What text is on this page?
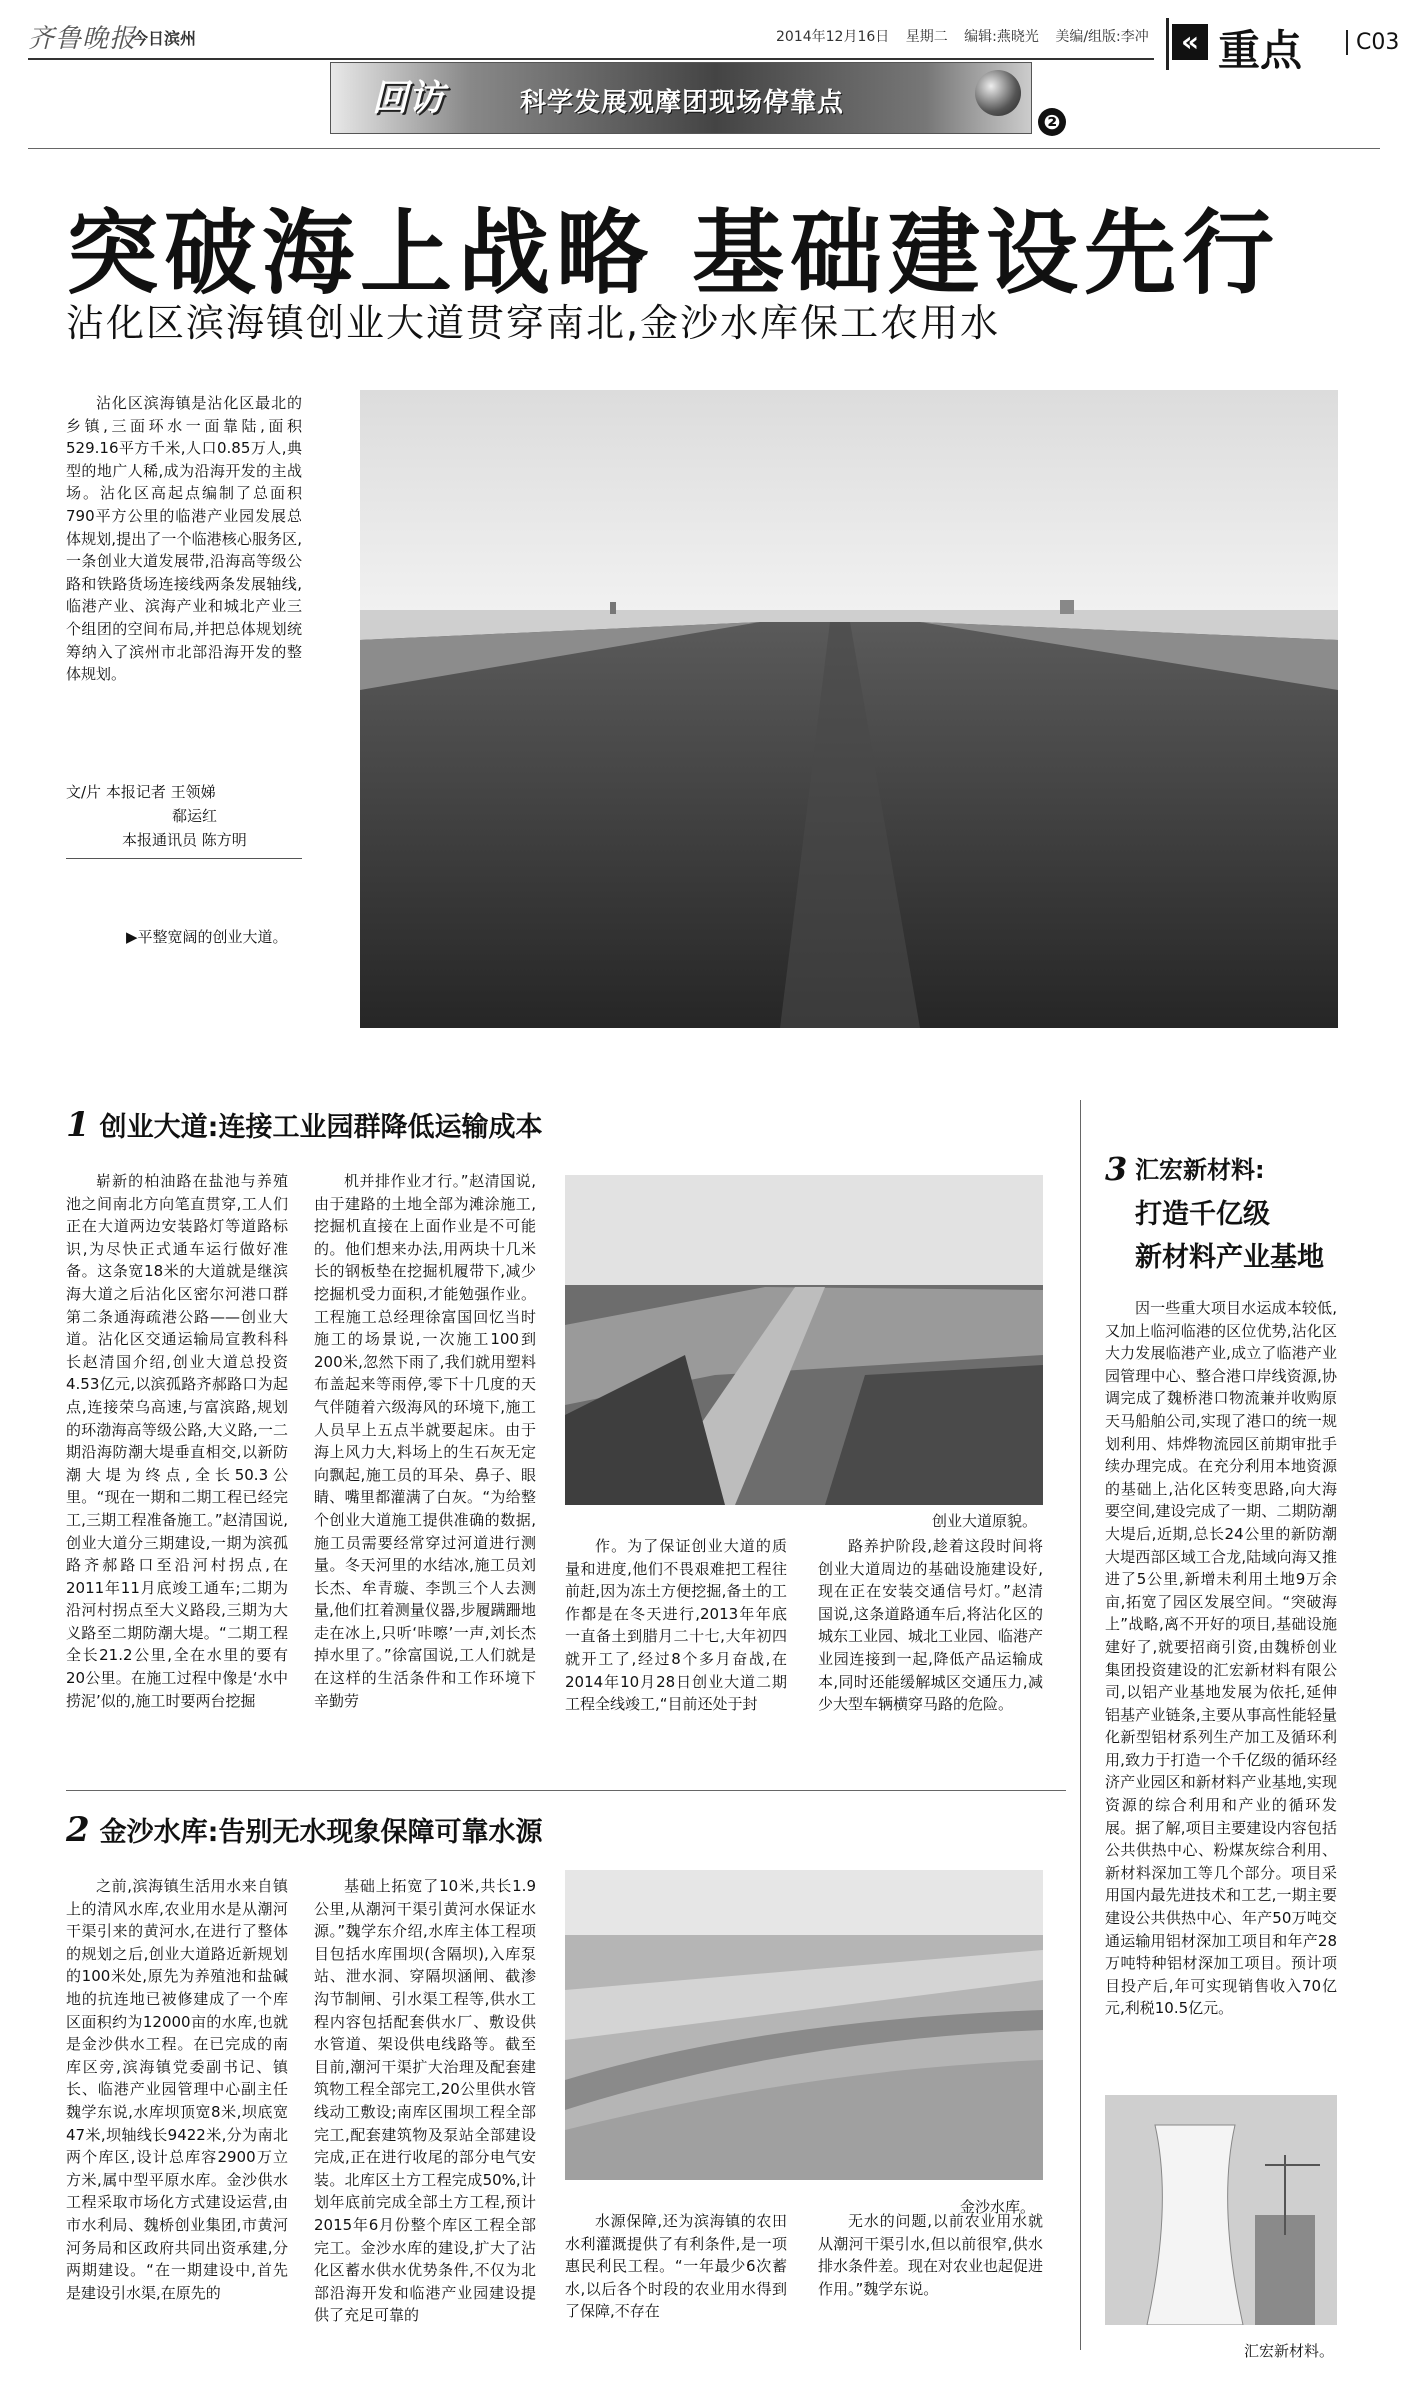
齐鲁晚报
今日滨州	2014年12月16日 星期二 编辑:燕晓光 美编/组版:李冲	« 重点	C03
回访	科学发展观摩团现场停靠点
❷
突破海上战略 基础建设先行
沾化区滨海镇创业大道贯穿南北,金沙水库保工农用水

沾化区滨海镇是沾化区最北的乡镇,三面环水一面靠陆,面积529.16平方千米,人口0.85万人,典型的地广人稀,成为沿海开发的主战场。沾化区高起点编制了总面积790平方公里的临港产业园发展总体规划,提出了一个临港核心服务区,一条创业大道发展带,沿海高等级公路和铁路货场连接线两条发展轴线,临港产业、滨海产业和城北产业三个组团的空间布局,并把总体规划统筹纳入了滨州市北部沿海开发的整体规划。

文/片 本报记者 王领娣
郗运红
本报通讯员 陈方明
▶平整宽阔的创业大道。
1 创业大道:连接工业园群降低运输成本

崭新的柏油路在盐池与养殖池之间南北方向笔直贯穿,工人们正在大道两边安装路灯等道路标识,为尽快正式通车运行做好准备。这条宽18米的大道就是继滨海大道之后沾化区密尔河港口群第二条通海疏港公路——创业大道。沾化区交通运输局宣教科科长赵清国介绍,创业大道总投资4.53亿元,以滨孤路齐郝路口为起点,连接荣乌高速,与富滨路,规划的环渤海高等级公路,大义路,一二期沿海防潮大堤垂直相交,以新防潮大堤为终点,全长50.3公里。“现在一期和二期工程已经完工,三期工程准备施工。”赵清国说,创业大道分三期建设,一期为滨孤路齐郝路口至沿河村拐点,在2011年11月底竣工通车;二期为沿河村拐点至大义路段,三期为大义路至二期防潮大堤。“二期工程全长21.2公里,全在水里的要有20公里。在施工过程中像是‘水中捞泥’似的,施工时要两台挖掘

机并排作业才行。”赵清国说,由于建路的土地全部为滩涂施工,挖掘机直接在上面作业是不可能的。他们想来办法,用两块十几米长的钢板垫在挖掘机履带下,减少挖掘机受力面积,才能勉强作业。工程施工总经理徐富国回忆当时施工的场景说,一次施工100到200米,忽然下雨了,我们就用塑料布盖起来等雨停,零下十几度的天气伴随着六级海风的环境下,施工人员早上五点半就要起床。由于海上风力大,料场上的生石灰无定向飘起,施工员的耳朵、鼻子、眼睛、嘴里都灌满了白灰。“为给整个创业大道施工提供准确的数据,施工员需要经常穿过河道进行测量。冬天河里的水结冰,施工员刘长杰、牟青璇、李凯三个人去测量,他们扛着测量仪器,步履蹒跚地走在冰上,只听‘咔嚓’一声,刘长杰掉水里了。”徐富国说,工人们就是在这样的生活条件和工作环境下辛勤劳

创业大道原貌。

作。为了保证创业大道的质量和进度,他们不畏艰难把工程往前赶,因为冻土方便挖掘,备土的工作都是在冬天进行,2013年年底一直备土到腊月二十七,大年初四就开工了,经过8个多月奋战,在2014年10月28日创业大道二期工程全线竣工,“目前还处于封

路养护阶段,趁着这段时间将创业大道周边的基础设施建设好,现在正在安装交通信号灯。”赵清国说,这条道路通车后,将沾化区的城东工业园、城北工业园、临港产业园连接到一起,降低产品运输成本,同时还能缓解城区交通压力,减少大型车辆横穿马路的危险。

3 汇宏新材料:
打造千亿级
新材料产业基地

因一些重大项目水运成本较低,又加上临河临港的区位优势,沾化区大力发展临港产业,成立了临港产业园管理中心、整合港口岸线资源,协调完成了魏桥港口物流兼并收购原天马船舶公司,实现了港口的统一规划利用、炜烨物流园区前期审批手续办理完成。在充分利用本地资源的基础上,沾化区转变思路,向大海要空间,建设完成了一期、二期防潮大堤后,近期,总长24公里的新防潮大堤西部区域工合龙,陆域向海又推进了5公里,新增未利用土地9万余亩,拓宽了园区发展空间。“突破海上”战略,离不开好的项目,基础设施建好了,就要招商引资,由魏桥创业集团投资建设的汇宏新材料有限公司,以铝产业基地发展为依托,延伸铝基产业链条,主要从事高性能轻量化新型铝材系列生产加工及循环利用,致力于打造一个千亿级的循环经济产业园区和新材料产业基地,实现资源的综合利用和产业的循环发展。据了解,项目主要建设内容包括公共供热中心、粉煤灰综合利用、新材料深加工等几个部分。项目采用国内最先进技术和工艺,一期主要建设公共供热中心、年产50万吨交通运输用铝材深加工项目和年产28万吨特种铝材深加工项目。预计项目投产后,年可实现销售收入70亿元,利税10.5亿元。

汇宏新材料。
2 金沙水库:告别无水现象保障可靠水源

之前,滨海镇生活用水来自镇上的清风水库,农业用水是从潮河干渠引来的黄河水,在进行了整体的规划之后,创业大道路近新规划的100米处,原先为养殖池和盐碱地的抗连地已被修建成了一个库区面积约为12000亩的水库,也就是金沙供水工程。在已完成的南库区旁,滨海镇党委副书记、镇长、临港产业园管理中心副主任魏学东说,水库坝顶宽8米,坝底宽47米,坝轴线长9422米,分为南北两个库区,设计总库容2900万立方米,属中型平原水库。金沙供水工程采取市场化方式建设运营,由市水利局、魏桥创业集团,市黄河河务局和区政府共同出资承建,分两期建设。“在一期建设中,首先是建设引水渠,在原先的

基础上拓宽了10米,共长1.9公里,从潮河干渠引黄河水保证水源。”魏学东介绍,水库主体工程项目包括水库围坝(含隔坝),入库泵站、泄水洞、穿隔坝涵闸、截渗沟节制闸、引水渠工程等,供水工程内容包括配套供水厂、敷设供水管道、架设供电线路等。截至目前,潮河干渠扩大治理及配套建筑物工程全部完工,20公里供水管线动工敷设;南库区围坝工程全部完工,配套建筑物及泵站全部建设完成,正在进行收尾的部分电气安装。北库区土方工程完成50%,计划年底前完成全部土方工程,预计2015年6月份整个库区工程全部完工。金沙水库的建设,扩大了沾化区蓄水供水优势条件,不仅为北部沿海开发和临港产业园建设提供了充足可靠的

金沙水库。

水源保障,还为滨海镇的农田水利灌溉提供了有利条件,是一项惠民利民工程。“一年最少6次蓄水,以后各个时段的农业用水得到了保障,不存在

无水的问题,以前农业用水就从潮河干渠引水,但以前很窄,供水排水条件差。现在对农业也起促进作用。”魏学东说。
